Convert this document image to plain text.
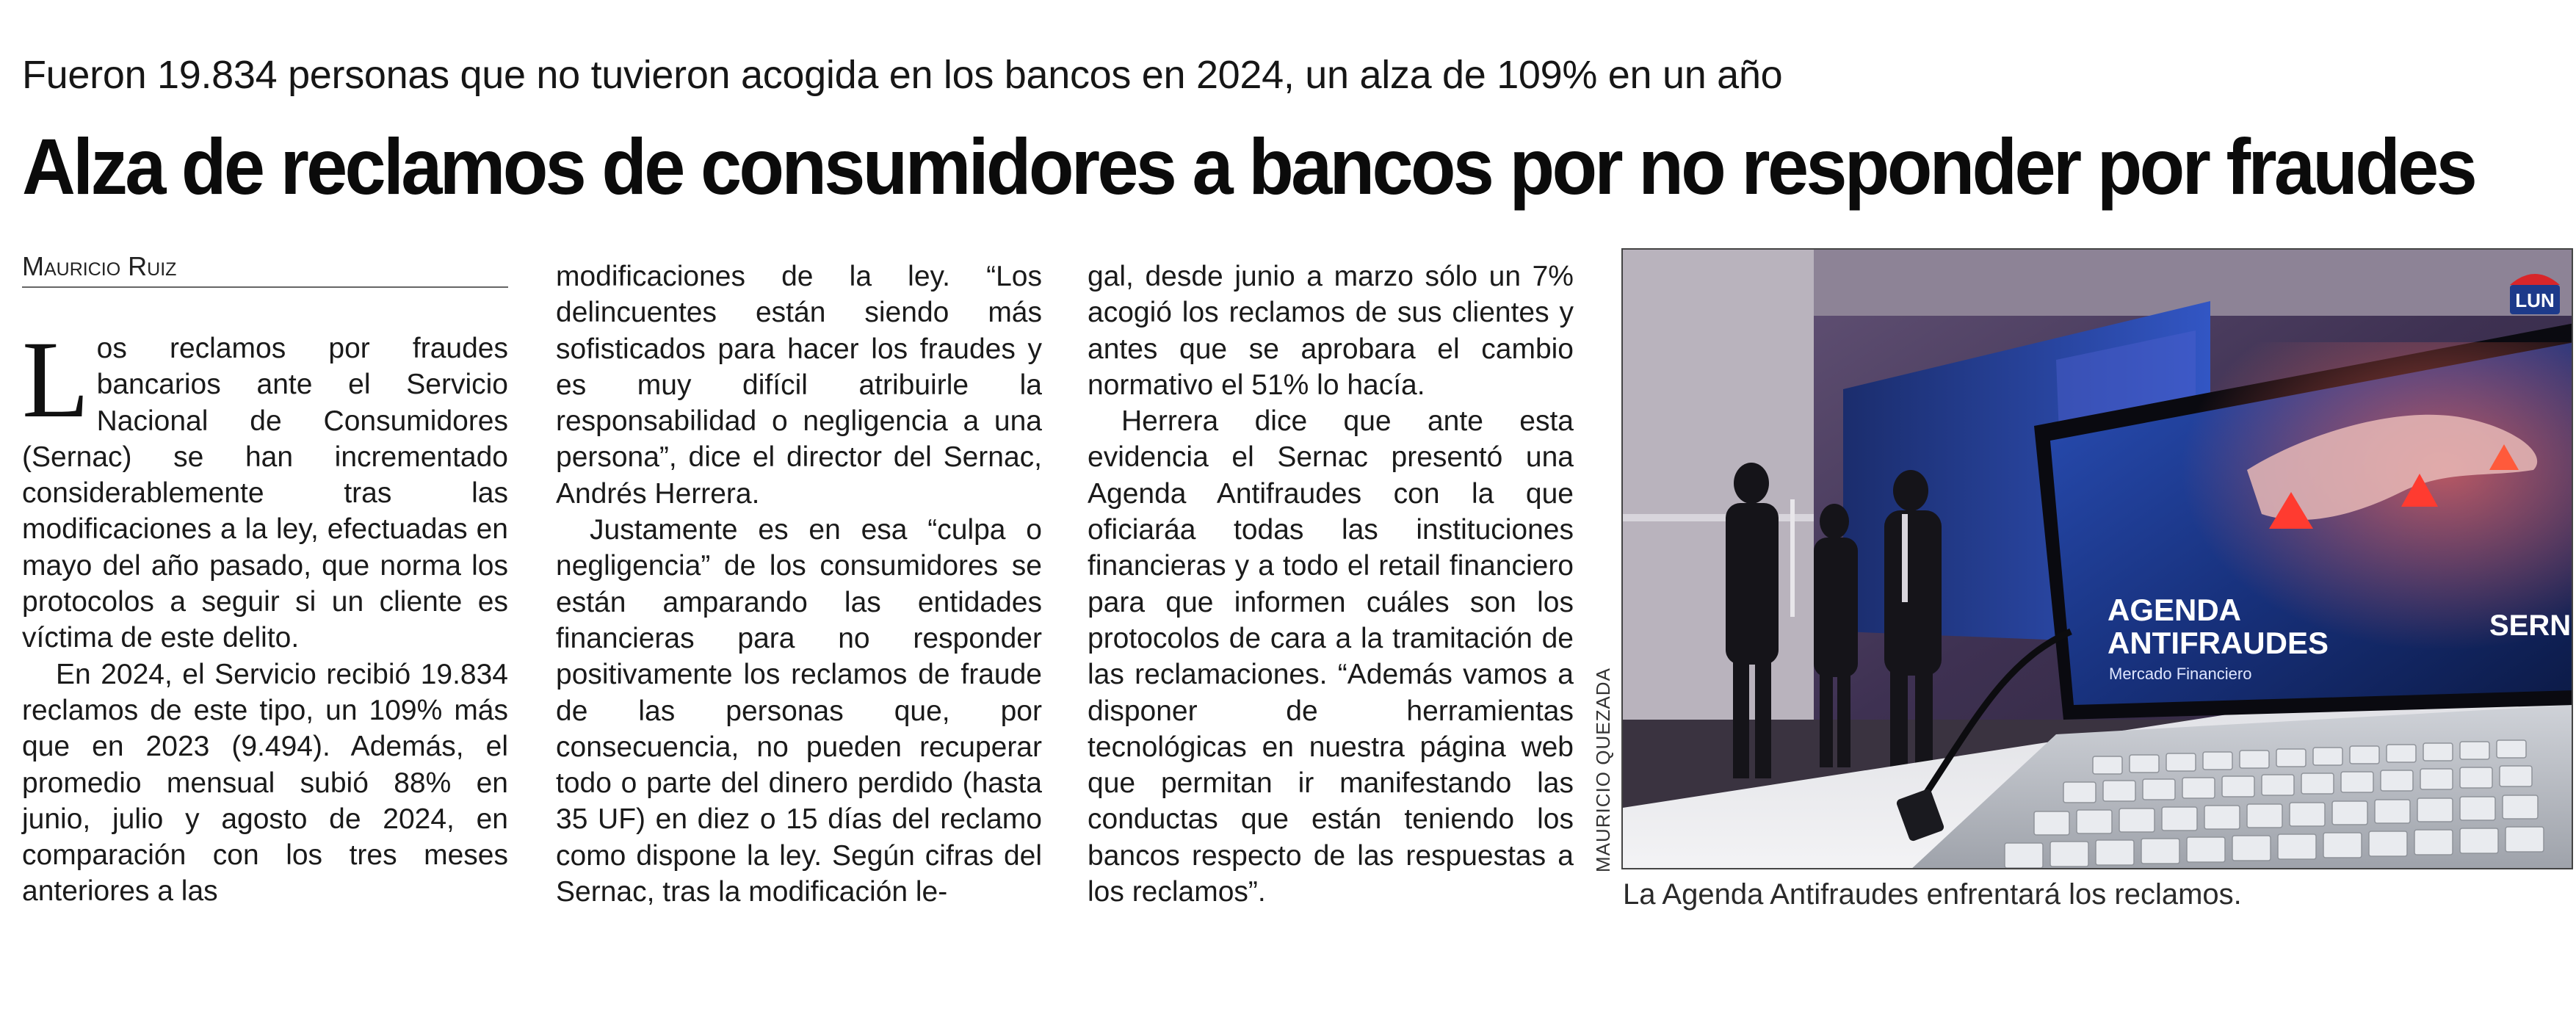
Fueron 19.834 personas que no tuvieron acogida en los bancos en 2024, un alza de 109% en un año
Alza de reclamos de consumidores a bancos por no responder por fraudes
Mauricio Ruiz
L os reclamos por fraudes bancarios ante el Servicio Nacional de Consumidores (Sernac) se han incrementado considerablemente tras las modificaciones a la ley, efectuadas en mayo del año pasado, que norma los protocolos a seguir si un cliente es víctima de este delito.

En 2024, el Servicio recibió 19.834 reclamos de este tipo, un 109% más que en 2023 (9.494). Además, el promedio mensual subió 88% en junio, julio y agosto de 2024, en comparación con los tres meses anteriores a las

modificaciones de la ley. “Los delincuentes están siendo más sofisticados para hacer los fraudes y es muy difícil atribuirle la responsabilidad o negligencia a una persona”, dice el director del Sernac, Andrés Herrera.

Justamente es en esa “culpa o negligencia” de los consumidores se están amparando las entidades financieras para no responder positivamente los reclamos de fraude de las personas que, por consecuencia, no pueden recuperar todo o parte del dinero perdido (hasta 35 UF) en diez o 15 días del reclamo como dispone la ley. Según cifras del Sernac, tras la modificación le-

gal, desde junio a marzo sólo un 7% acogió los reclamos de sus clientes y antes que se aprobara el cambio normativo el 51% lo hacía.

Herrera dice que ante esta evidencia el Sernac presentó una Agenda Antifraudes con la que oficiaráa todas las instituciones financieras y a todo el retail financiero para que informen cuáles son los protocolos de cara a la tramitación de las reclamaciones. “Además vamos a disponer de herramientas tecnológicas en nuestra página web que permitan ir manifestando las conductas que están teniendo los bancos respecto de las respuestas a los reclamos”.

AGENDA
ANTIFRAUDES
Mercado Financiero
SERN
LUN
MAURICIO QUEZADA
La Agenda Antifraudes enfrentará los reclamos.
